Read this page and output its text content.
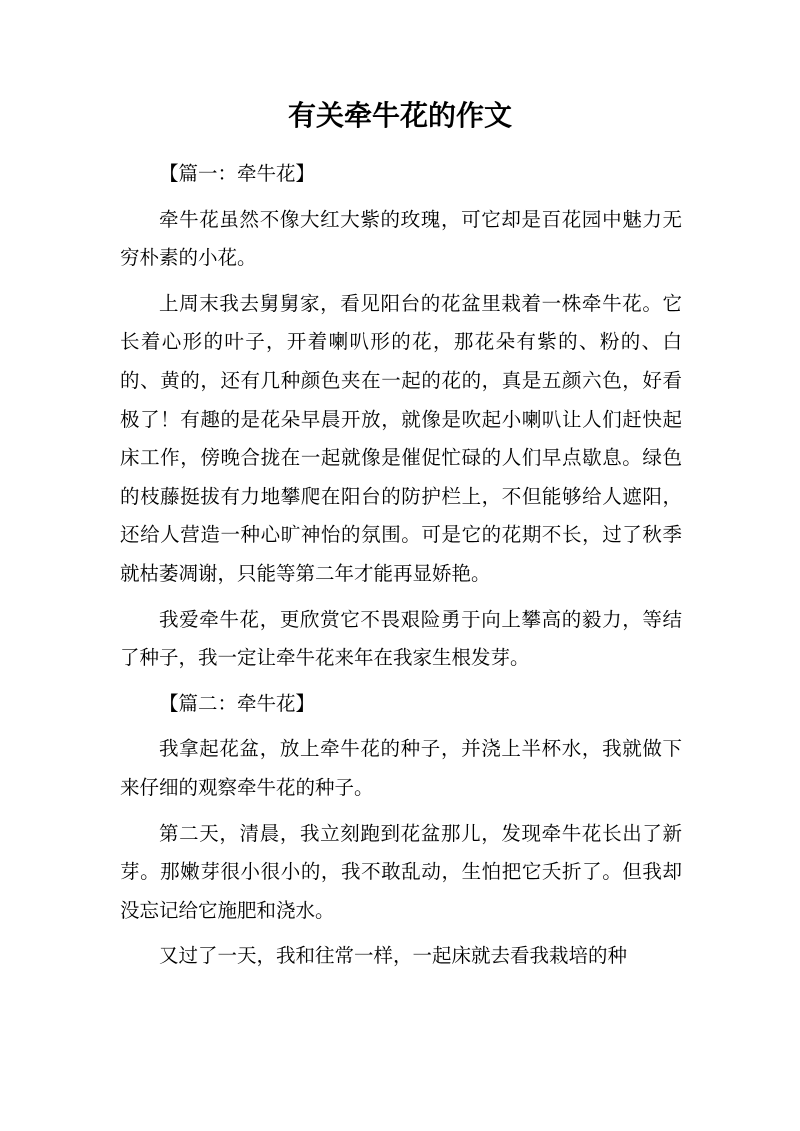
有关牵牛花的作文

【篇一：牵牛花】

牵牛花虽然不像大红大紫的玫瑰，可它却是百花园中魅力无穷朴素的小花。

上周末我去舅舅家，看见阳台的花盆里栽着一株牵牛花。它长着心形的叶子，开着喇叭形的花，那花朵有紫的、粉的、白的、黄的，还有几种颜色夹在一起的花的，真是五颜六色，好看极了！有趣的是花朵早晨开放，就像是吹起小喇叭让人们赶快起床工作，傍晚合拢在一起就像是催促忙碌的人们早点歇息。绿色的枝藤挺拔有力地攀爬在阳台的防护栏上，不但能够给人遮阳，还给人营造一种心旷神怡的氛围。可是它的花期不长，过了秋季就枯萎凋谢，只能等第二年才能再显娇艳。

我爱牵牛花，更欣赏它不畏艰险勇于向上攀高的毅力，等结了种子，我一定让牵牛花来年在我家生根发芽。

【篇二：牵牛花】

我拿起花盆，放上牵牛花的种子，并浇上半杯水，我就做下来仔细的观察牵牛花的种子。

第二天，清晨，我立刻跑到花盆那儿，发现牵牛花长出了新芽。那嫩芽很小很小的，我不敢乱动，生怕把它夭折了。但我却没忘记给它施肥和浇水。

又过了一天，我和往常一样，一起床就去看我栽培的种
